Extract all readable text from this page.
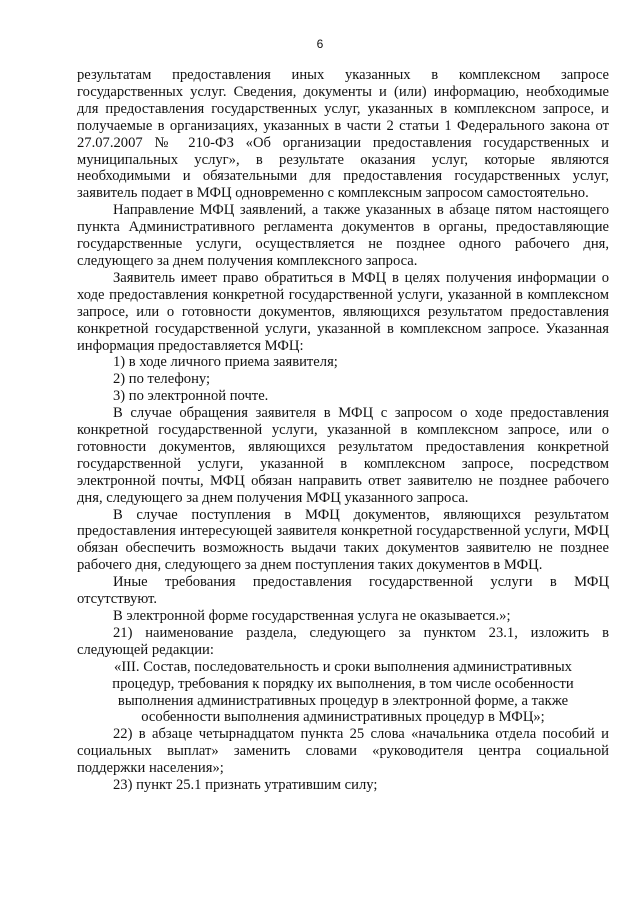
6

результатам предоставления иных указанных в комплексном запросе государственных услуг. Сведения, документы и (или) информацию, необходимые для предоставления государственных услуг, указанных в комплексном запросе, и получаемые в организациях, указанных в части 2 статьи 1 Федерального закона от 27.07.2007 № 210-ФЗ «Об организации предоставления государственных и муниципальных услуг», в результате оказания услуг, которые являются необходимыми и обязательными для предоставления государственных услуг, заявитель подает в МФЦ одновременно с комплексным запросом самостоятельно.

Направление МФЦ заявлений, а также указанных в абзаце пятом настоящего пункта Административного регламента документов в органы, предоставляющие государственные услуги, осуществляется не позднее одного рабочего дня, следующего за днем получения комплексного запроса.

Заявитель имеет право обратиться в МФЦ в целях получения информации о ходе предоставления конкретной государственной услуги, указанной в комплексном запросе, или о готовности документов, являющихся результатом предоставления конкретной государственной услуги, указанной в комплексном запросе. Указанная информация предоставляется МФЦ:

1) в ходе личного приема заявителя;

2) по телефону;

3) по электронной почте.

В случае обращения заявителя в МФЦ с запросом о ходе предоставления конкретной государственной услуги, указанной в комплексном запросе, или о готовности документов, являющихся результатом предоставления конкретной государственной услуги, указанной в комплексном запросе, посредством электронной почты, МФЦ обязан направить ответ заявителю не позднее рабочего дня, следующего за днем получения МФЦ указанного запроса.

В случае поступления в МФЦ документов, являющихся результатом предоставления интересующей заявителя конкретной государственной услуги, МФЦ обязан обеспечить возможность выдачи таких документов заявителю не позднее рабочего дня, следующего за днем поступления таких документов в МФЦ.

Иные требования предоставления государственной услуги в МФЦ отсутствуют.

В электронной форме государственная услуга не оказывается.»;

21) наименование раздела, следующего за пунктом 23.1, изложить в следующей редакции:

«III. Состав, последовательность и сроки выполнения административных процедур, требования к порядку их выполнения, в том числе особенности выполнения административных процедур в электронной форме, а также особенности выполнения административных процедур в МФЦ»;

22) в абзаце четырнадцатом пункта 25 слова «начальника отдела пособий и социальных выплат» заменить словами «руководителя центра социальной поддержки населения»;

23) пункт 25.1 признать утратившим силу;
